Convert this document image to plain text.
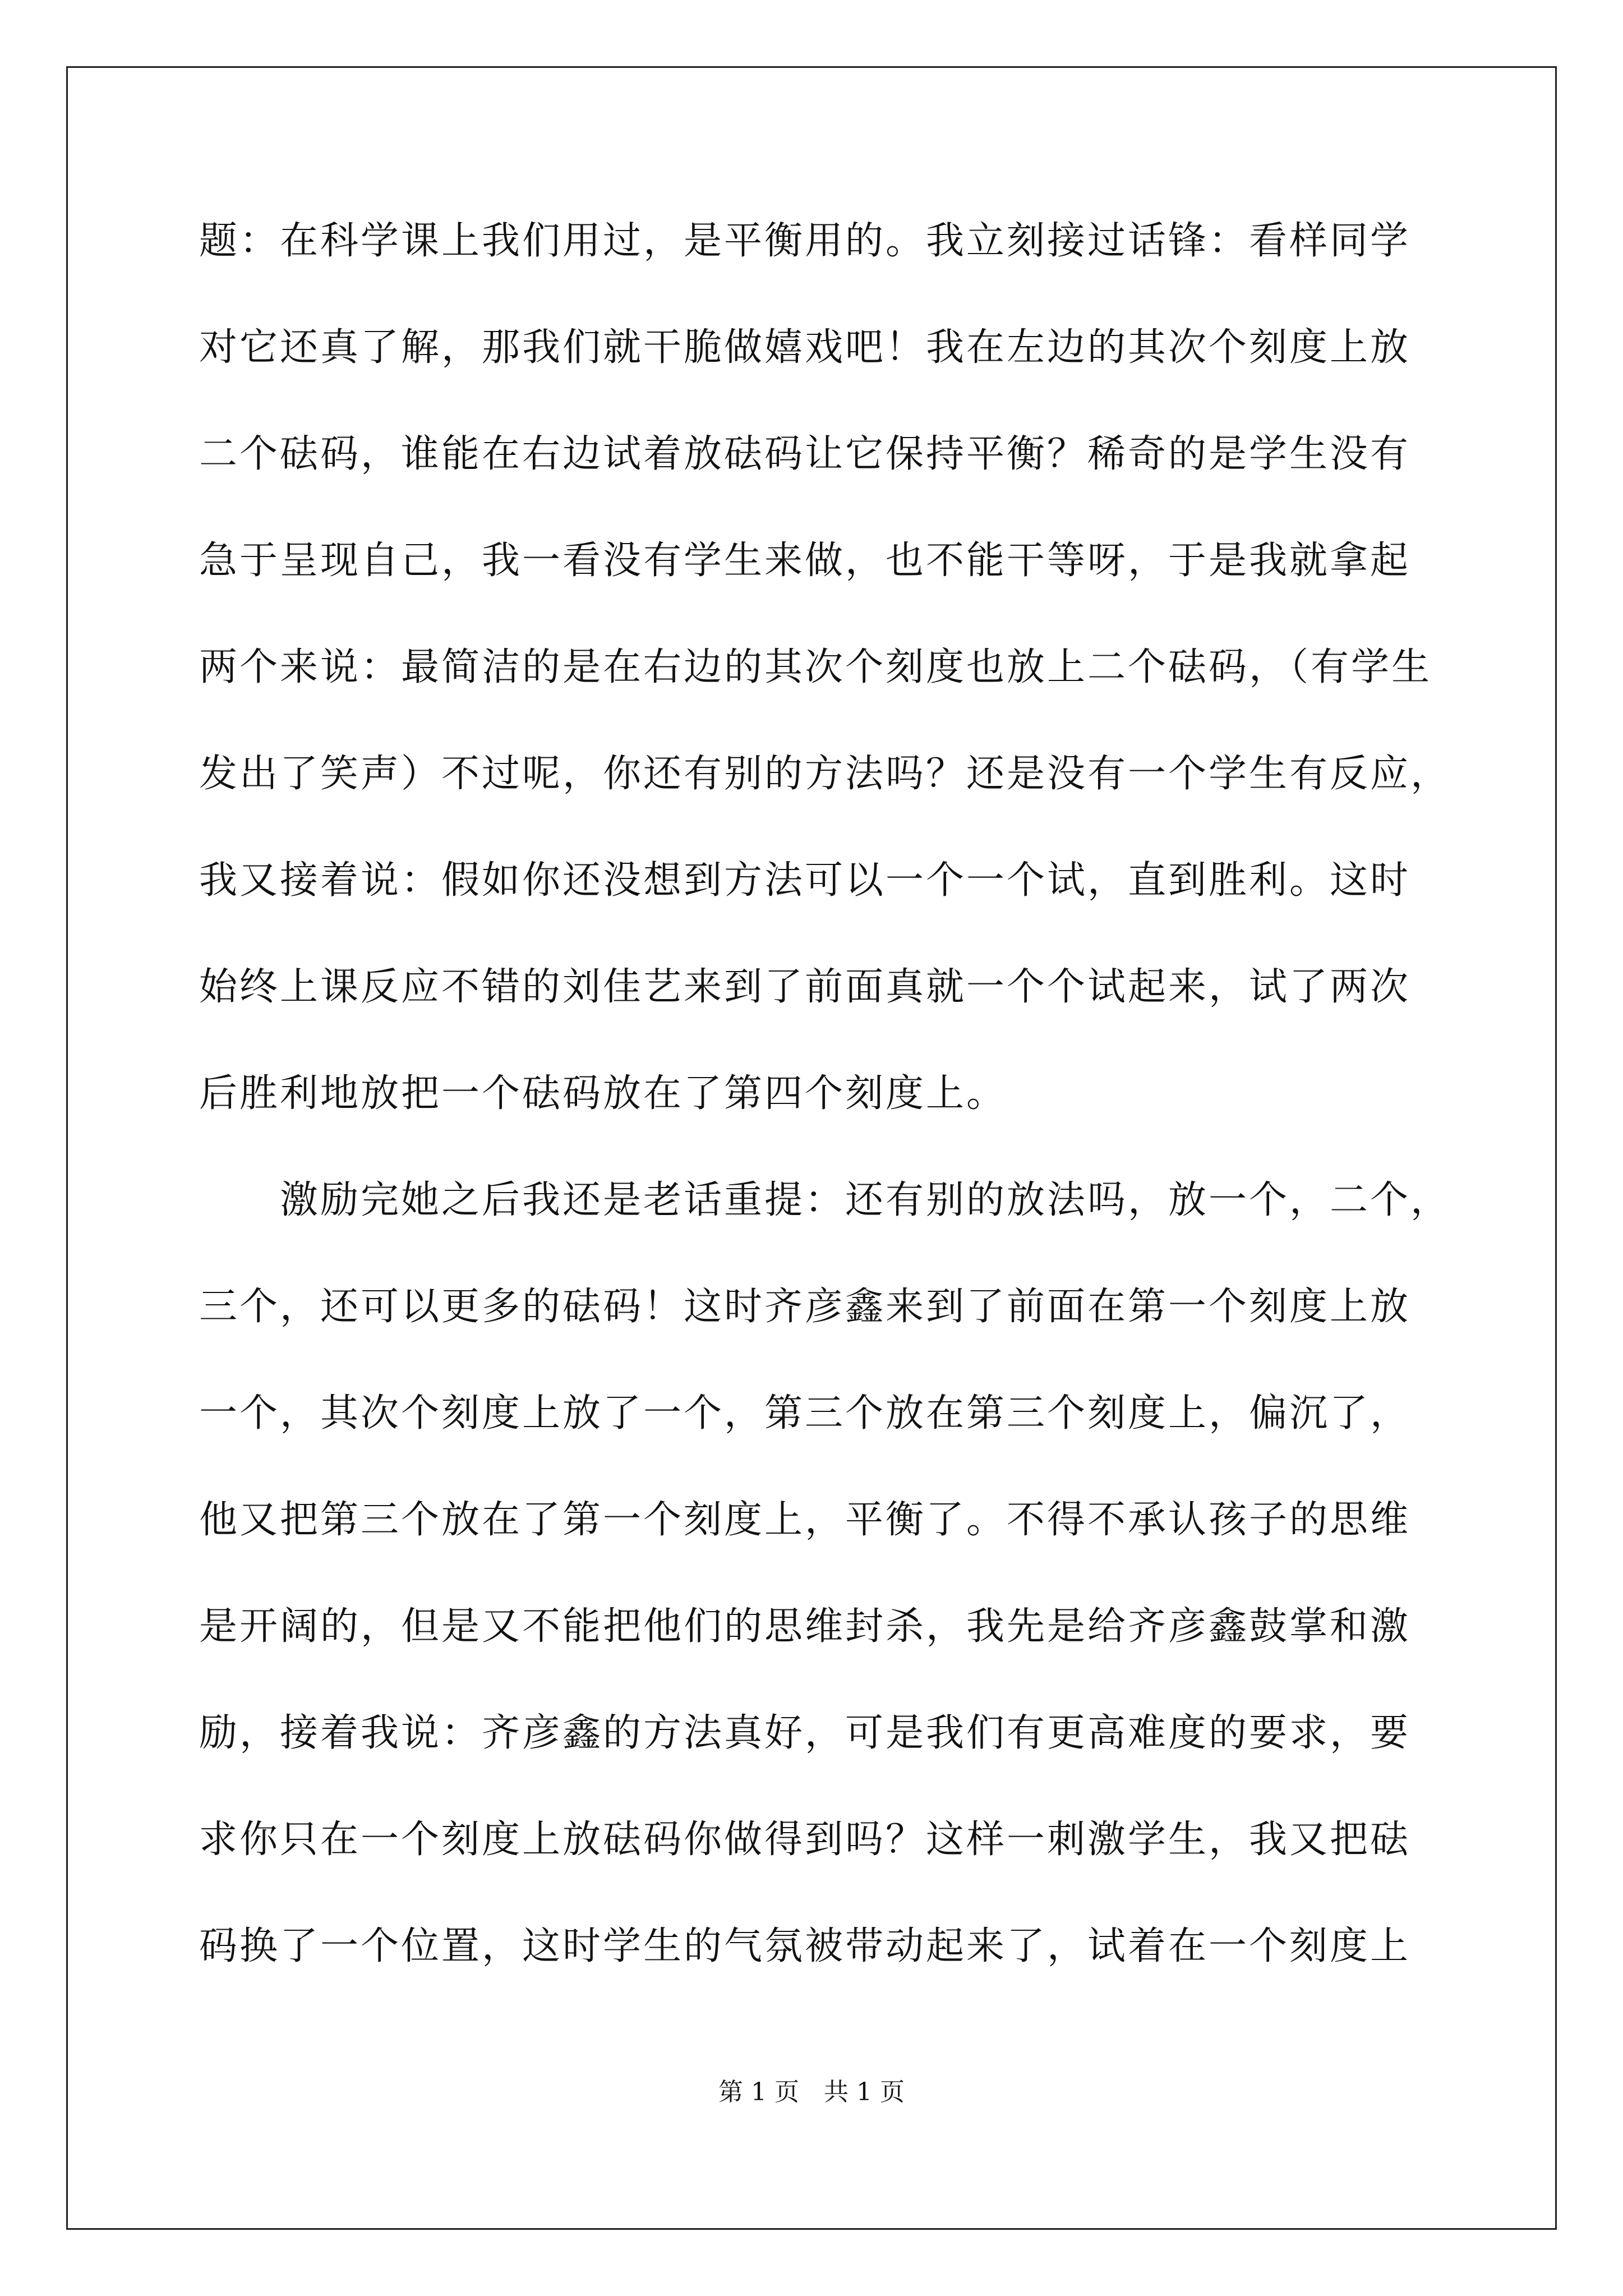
题：在科学课上我们用过，是平衡用的。我立刻接过话锋：看样同学
对它还真了解，那我们就干脆做嬉戏吧！我在左边的其次个刻度上放
二个砝码，谁能在右边试着放砝码让它保持平衡？稀奇的是学生没有
急于呈现自己，我一看没有学生来做，也不能干等呀，于是我就拿起
两个来说：最简洁的是在右边的其次个刻度也放上二个砝码，（有学生
发出了笑声）不过呢，你还有别的方法吗？还是没有一个学生有反应，
我又接着说：假如你还没想到方法可以一个一个试，直到胜利。这时
始终上课反应不错的刘佳艺来到了前面真就一个个试起来，试了两次
后胜利地放把一个砝码放在了第四个刻度上。
激励完她之后我还是老话重提：还有别的放法吗，放一个，二个，
三个，还可以更多的砝码！这时齐彦鑫来到了前面在第一个刻度上放
一个，其次个刻度上放了一个，第三个放在第三个刻度上，偏沉了，
他又把第三个放在了第一个刻度上，平衡了。不得不承认孩子的思维
是开阔的，但是又不能把他们的思维封杀，我先是给齐彦鑫鼓掌和激
励，接着我说：齐彦鑫的方法真好，可是我们有更高难度的要求，要
求你只在一个刻度上放砝码你做得到吗？这样一刺激学生，我又把砝
码换了一个位置，这时学生的气氛被带动起来了，试着在一个刻度上
第 1 页　共 1 页
